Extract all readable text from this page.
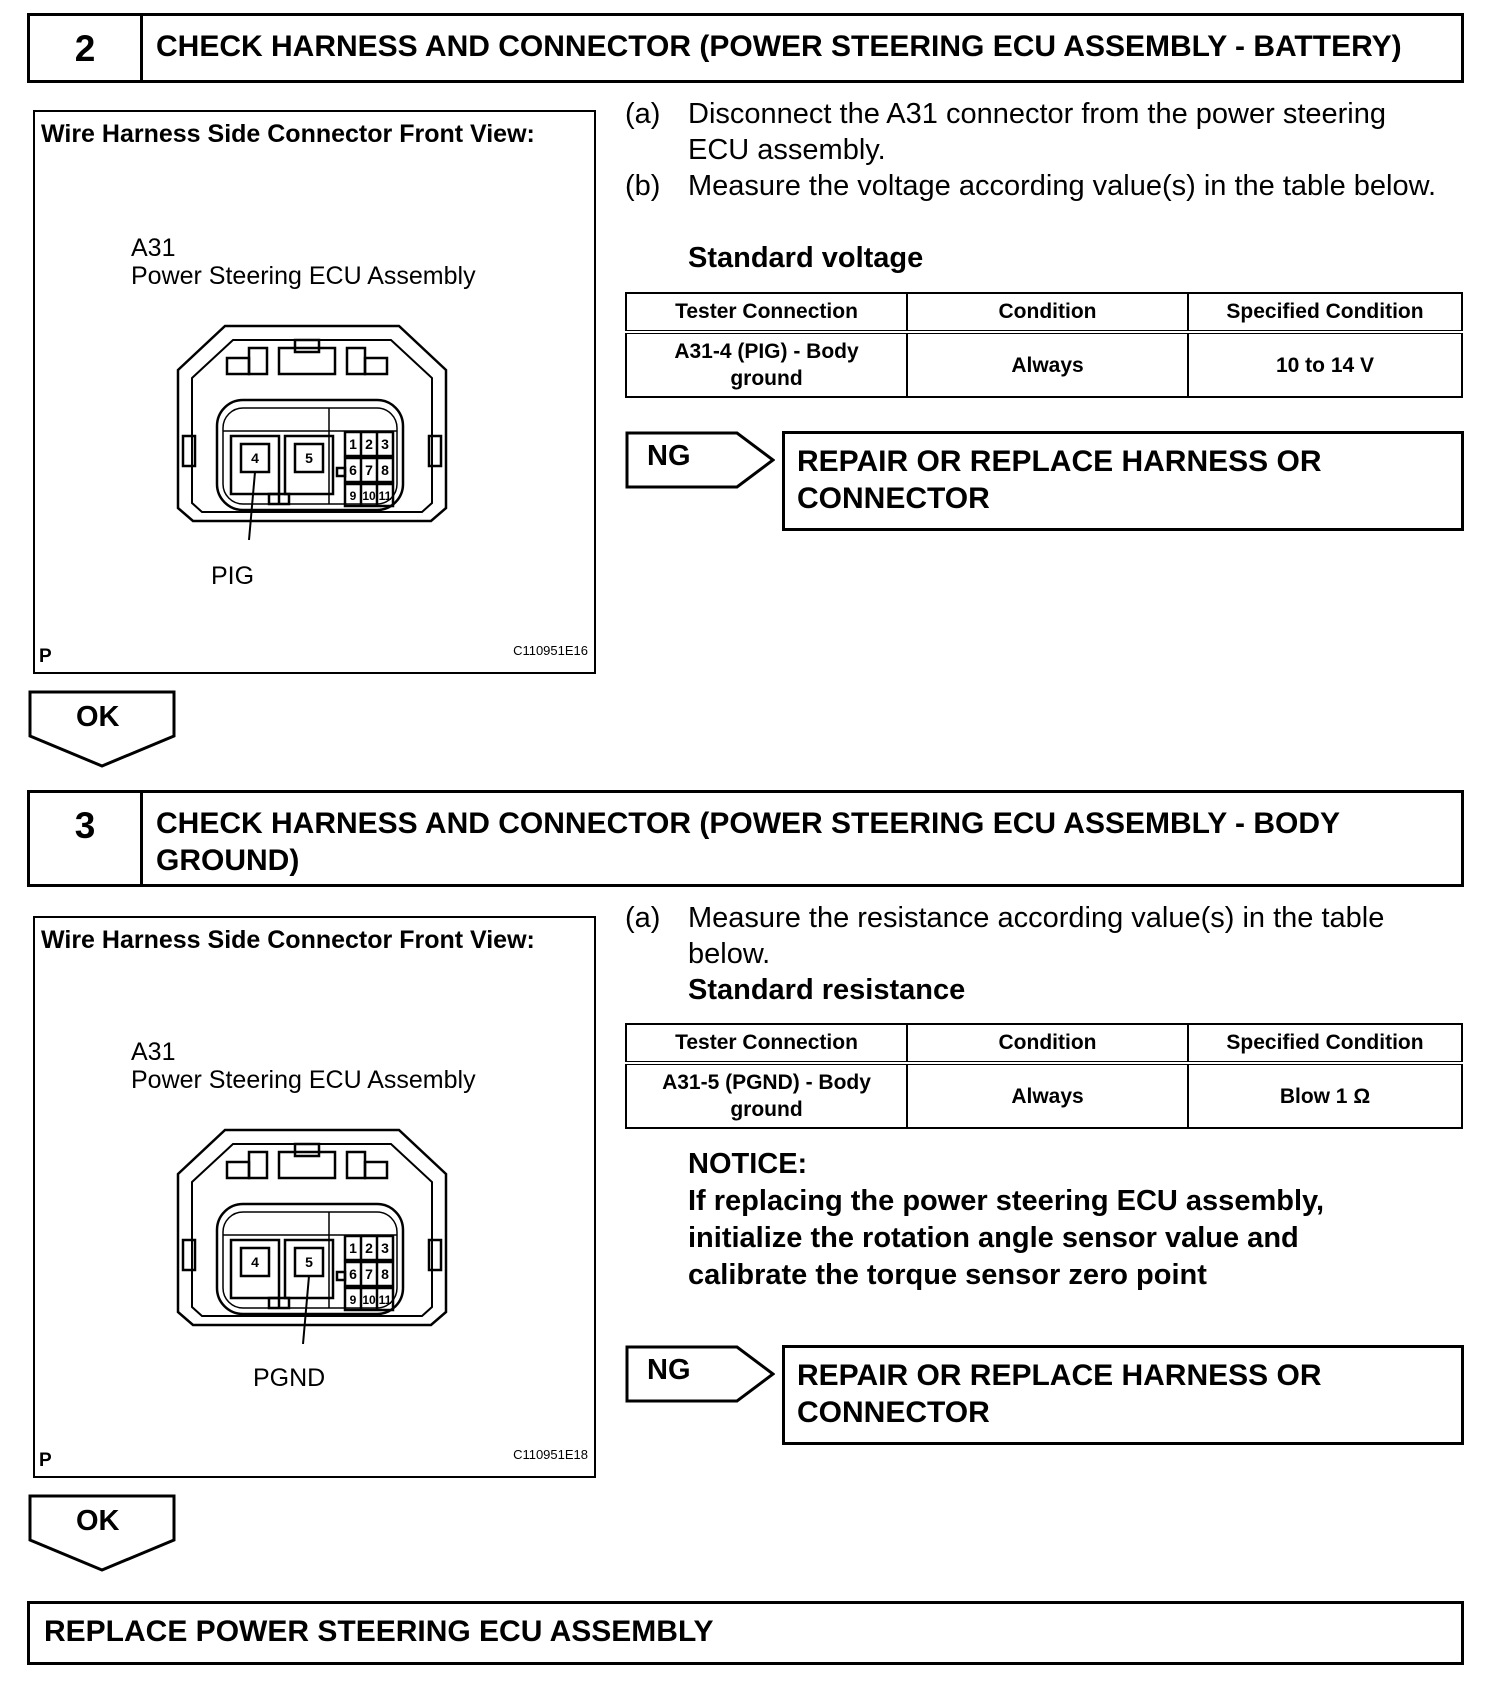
2	CHECK HARNESS AND CONNECTOR (POWER STEERING ECU ASSEMBLY - BATTERY)
Wire Harness Side Connector Front View:
A31
Power Steering ECU Assembly
4	5
1 2 3
6 7 8
9 10 11
PIG
P	C110951E16
(a) Disconnect the A31 connector from the power steering ECU assembly.
(b) Measure the voltage according value(s) in the table below.
Standard voltage
Tester Connection	Condition	Specified Condition

A31-4 (PIG) - Body ground	Always	10 to 14 V
NG	REPAIR OR REPLACE HARNESS OR CONNECTOR
OK
3	CHECK HARNESS AND CONNECTOR (POWER STEERING ECU ASSEMBLY - BODY GROUND)
Wire Harness Side Connector Front View:
A31
Power Steering ECU Assembly
4	5
1 2 3
6 7 8
9 10 11
PGND
P	C110951E18
(a) Measure the resistance according value(s) in the table below.
Standard resistance
Tester Connection	Condition	Specified Condition

A31-5 (PGND) - Body ground	Always	Blow 1 Ω
NOTICE:
If replacing the power steering ECU assembly, initialize the rotation angle sensor value and calibrate the torque sensor zero point
NG	REPAIR OR REPLACE HARNESS OR CONNECTOR
OK
REPLACE POWER STEERING ECU ASSEMBLY
